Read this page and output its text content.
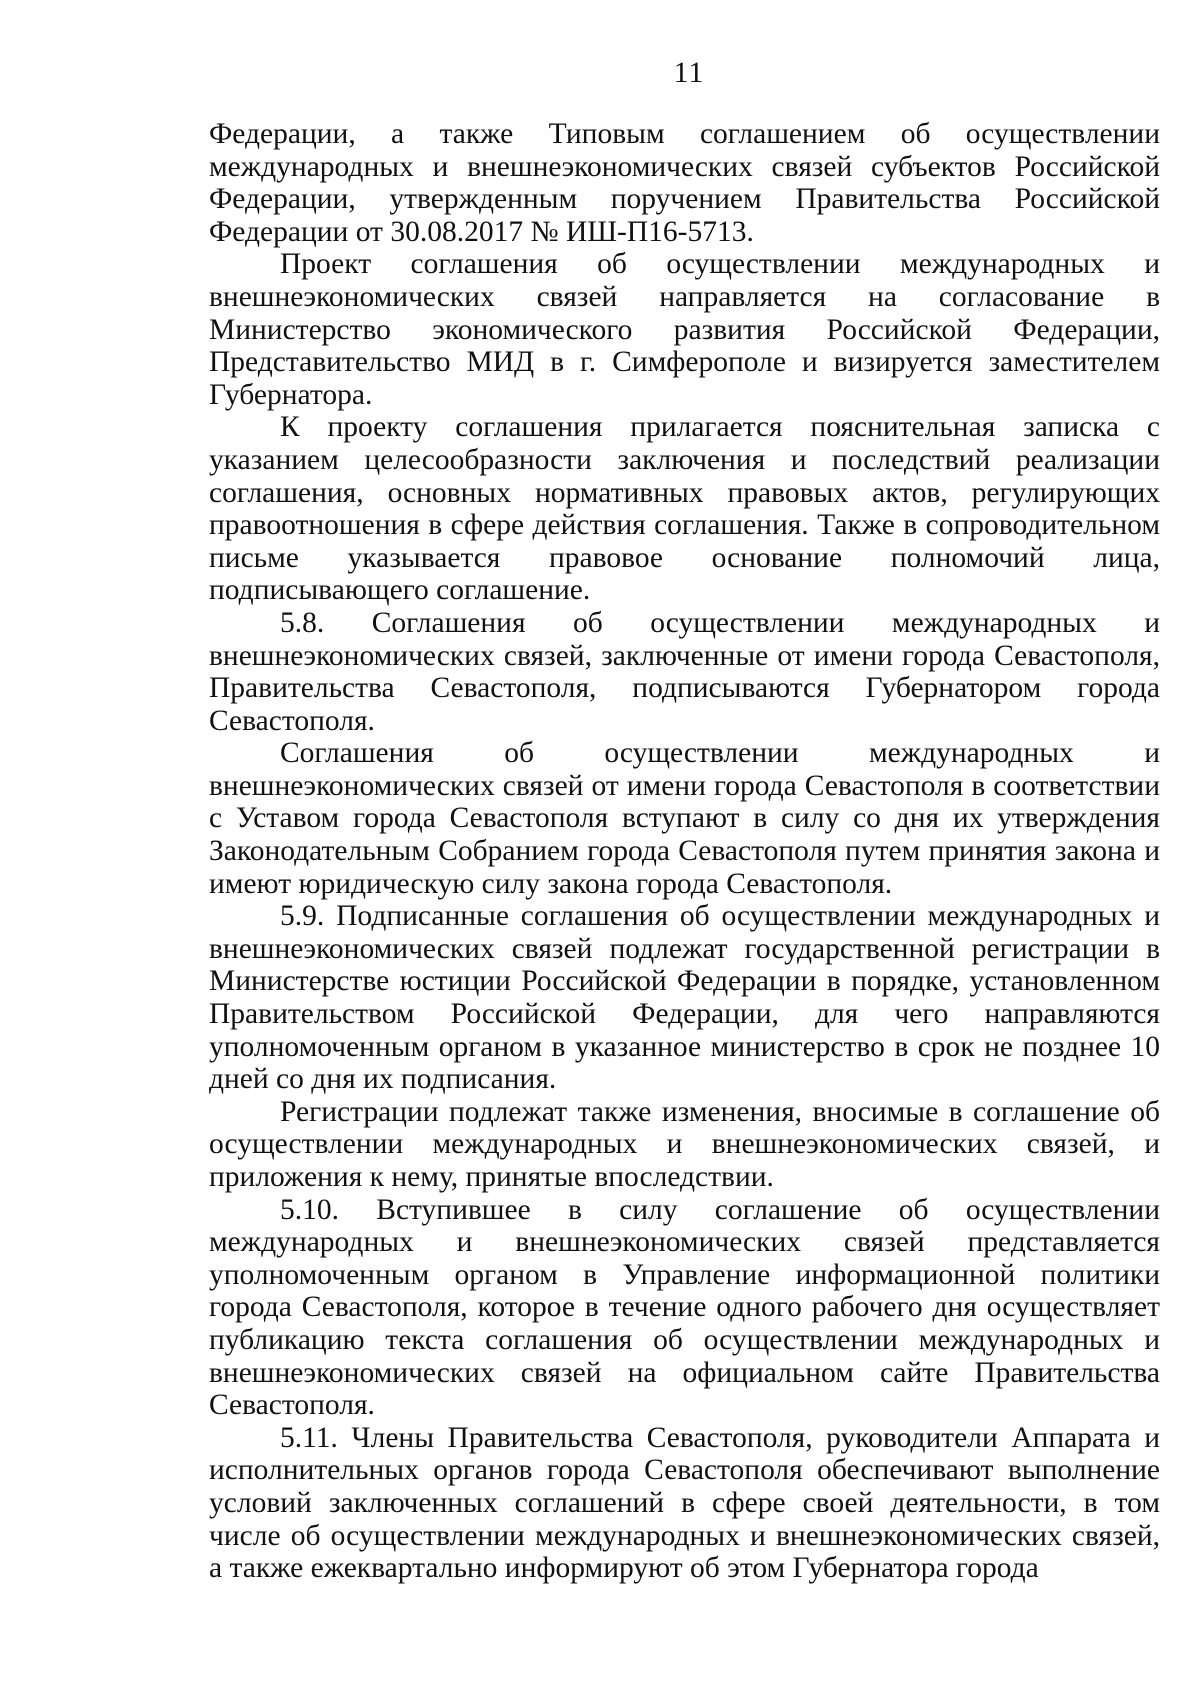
11

Федерации, а также Типовым соглашением об осуществлении международных и внешнеэкономических связей субъектов Российской Федерации, утвержденным поручением Правительства Российской Федерации от 30.08.2017 № ИШ-П16-5713.

Проект соглашения об осуществлении международных и внешнеэкономических связей направляется на согласование в Министерство экономического развития Российской Федерации, Представительство МИД в г. Симферополе и визируется заместителем Губернатора.

К проекту соглашения прилагается пояснительная записка с указанием целесообразности заключения и последствий реализации соглашения, основных нормативных правовых актов, регулирующих правоотношения в сфере действия соглашения. Также в сопроводительном письме указывается правовое основание полномочий лица, подписывающего соглашение.

5.8. Соглашения об осуществлении международных и внешнеэкономических связей, заключенные от имени города Севастополя, Правительства Севастополя, подписываются Губернатором города Севастополя.

Соглашения об осуществлении международных и внешнеэкономических связей от имени города Севастополя в соответствии с Уставом города Севастополя вступают в силу со дня их утверждения Законодательным Собранием города Севастополя путем принятия закона и имеют юридическую силу закона города Севастополя.

5.9. Подписанные соглашения об осуществлении международных и внешнеэкономических связей подлежат государственной регистрации в Министерстве юстиции Российской Федерации в порядке, установленном Правительством Российской Федерации, для чего направляются уполномоченным органом в указанное министерство в срок не позднее 10 дней со дня их подписания.

Регистрации подлежат также изменения, вносимые в соглашение об осуществлении международных и внешнеэкономических связей, и приложения к нему, принятые впоследствии.

5.10. Вступившее в силу соглашение об осуществлении международных и внешнеэкономических связей представляется уполномоченным органом в Управление информационной политики города Севастополя, которое в течение одного рабочего дня осуществляет публикацию текста соглашения об осуществлении международных и внешнеэкономических связей на официальном сайте Правительства Севастополя.

5.11. Члены Правительства Севастополя, руководители Аппарата и исполнительных органов города Севастополя обеспечивают выполнение условий заключенных соглашений в сфере своей деятельности, в том числе об осуществлении международных и внешнеэкономических связей, а также ежеквартально информируют об этом Губернатора города
